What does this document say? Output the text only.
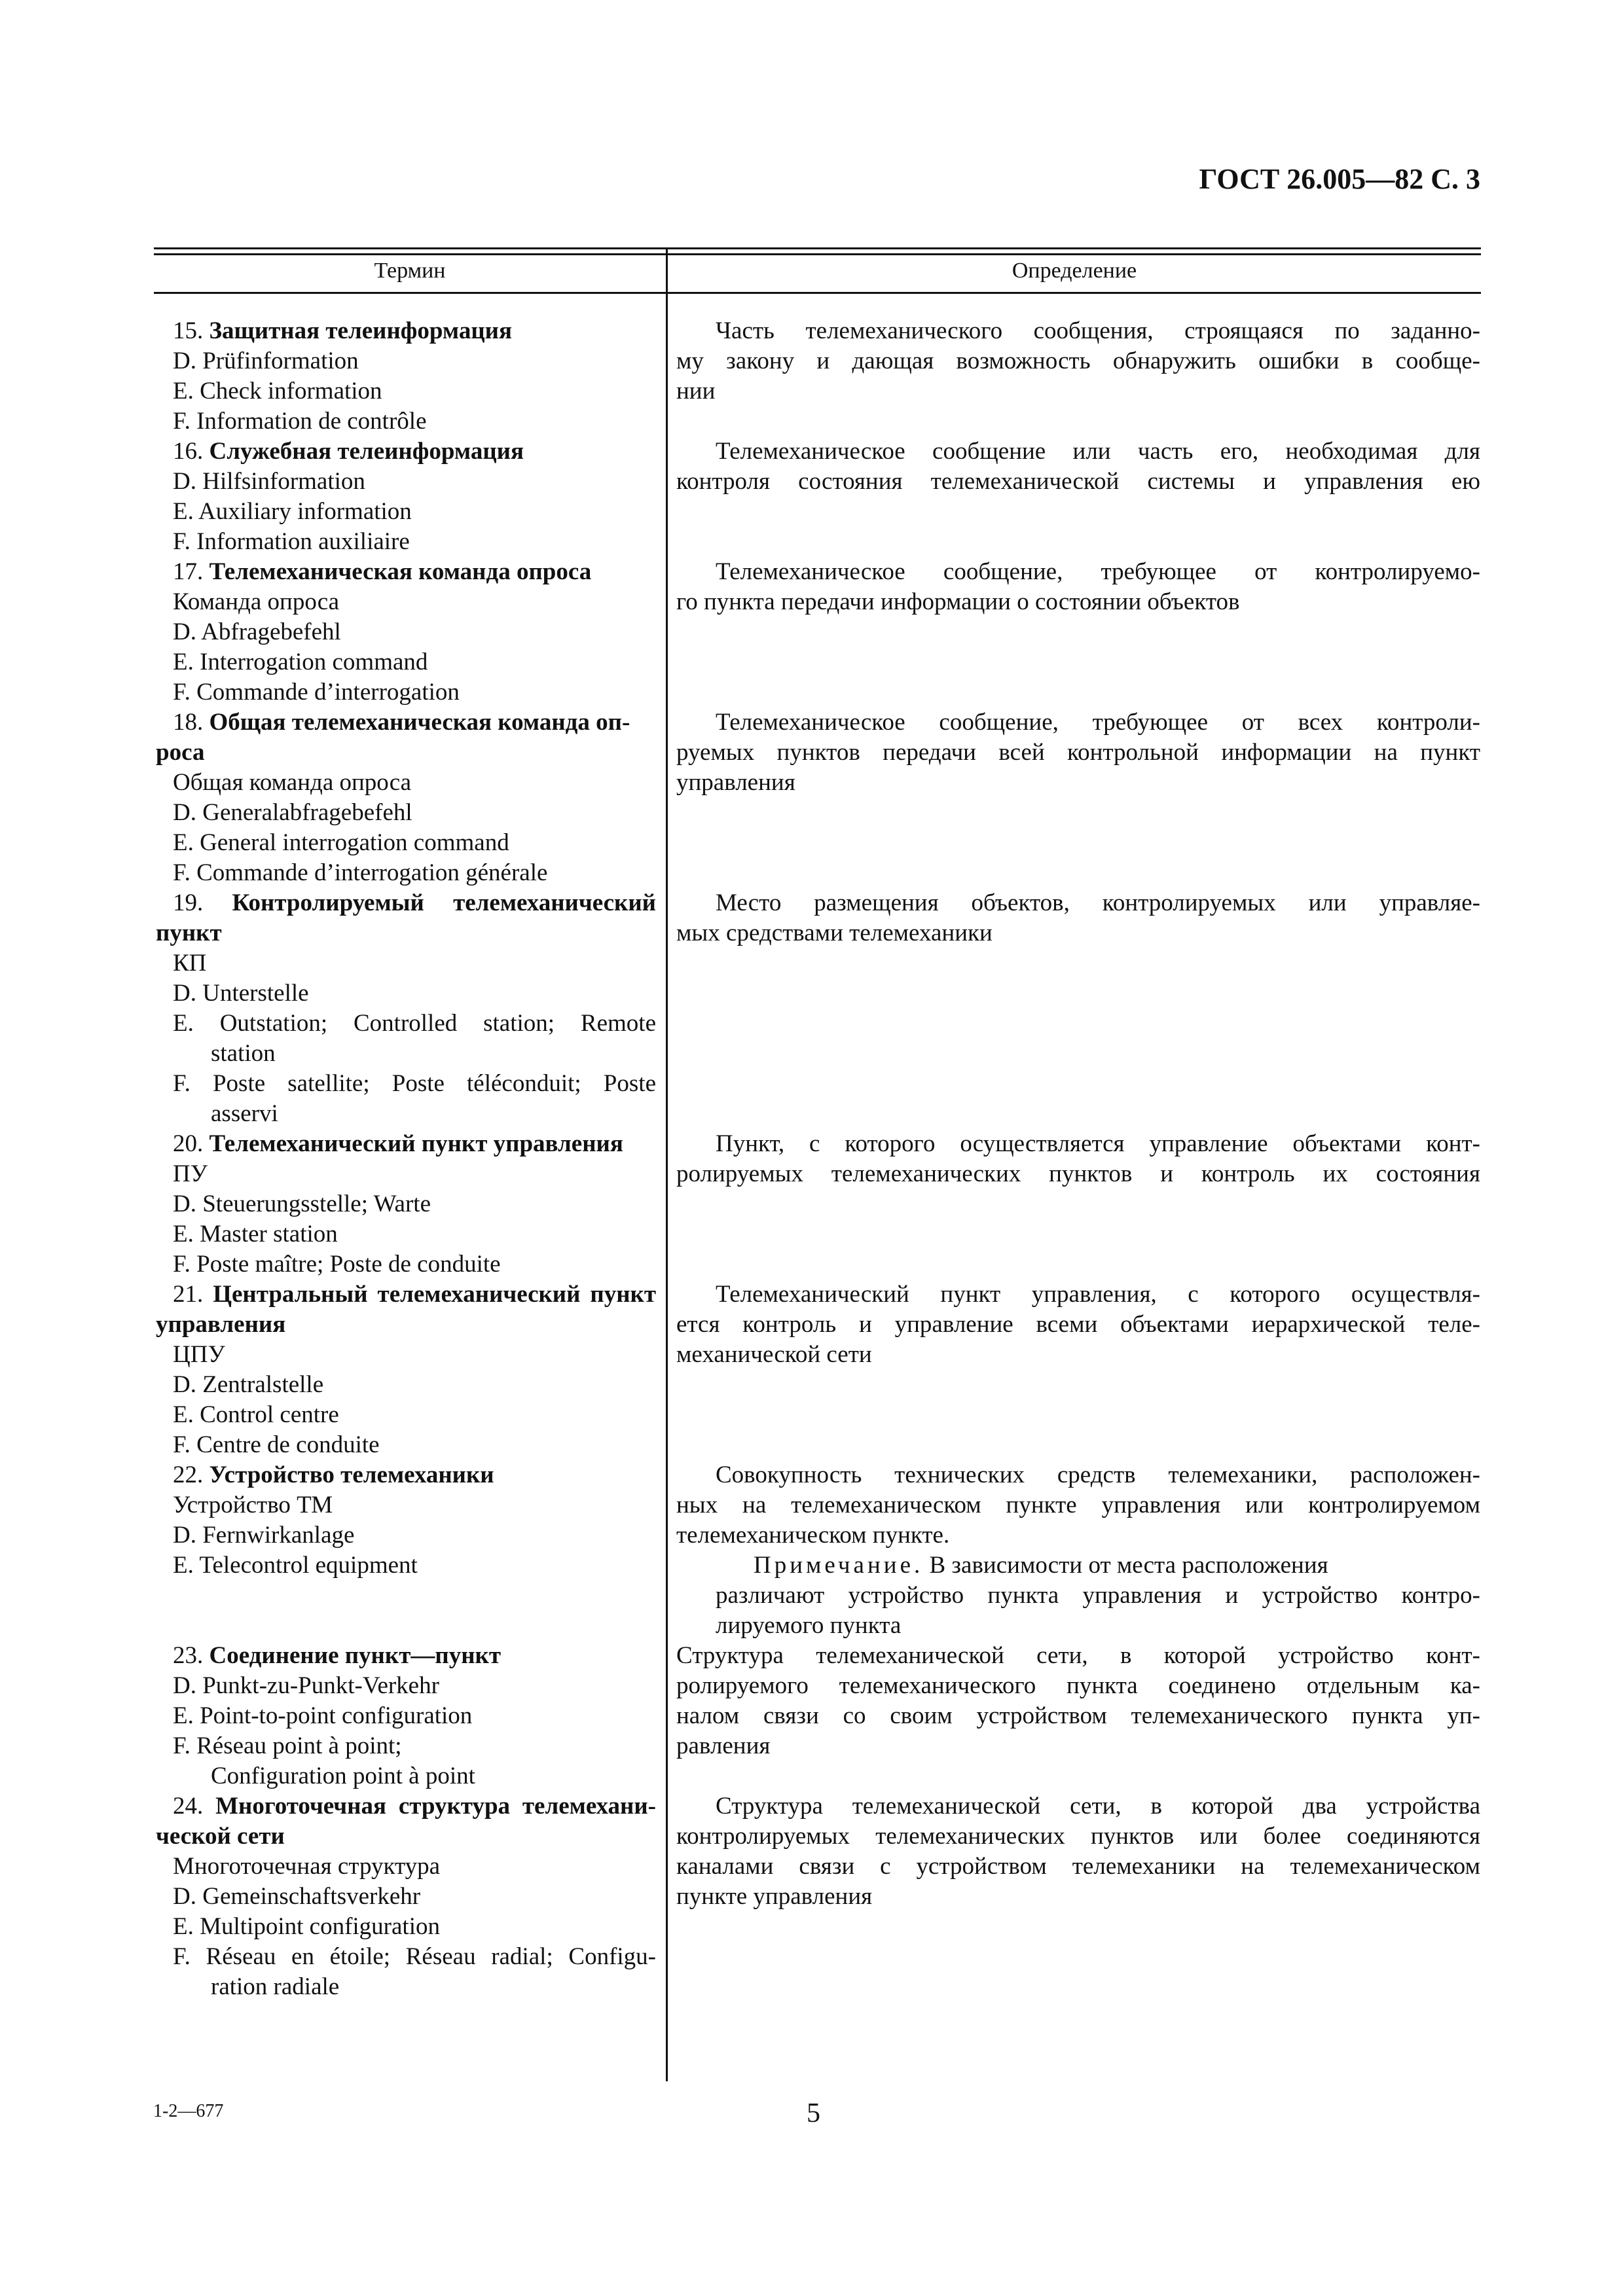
ГОСТ 26.005—82 С. 3
Термин	Определение
15. Защитная телеинформация
D. Prüfinformation
E. Check information
F. Information de contrôle
16. Служебная телеинформация
D. Hilfsinformation
E. Auxiliary information
F. Information auxiliaire
17. Телемеханическая команда опроса
Команда опроса
D. Abfragebefehl
E. Interrogation command
F. Commande d’interrogation
18. Общая телемеханическая команда оп-
роса
Общая команда опроса
D. Generalabfragebefehl
E. General interrogation command
F. Commande d’interrogation générale
19. Контролируемый телемеханический
пункт
КП
D. Unterstelle
E. Outstation; Controlled station; Remote
station
F. Poste satellite; Poste téléconduit; Poste
asservi
20. Телемеханический пункт управления
ПУ
D. Steuerungsstelle; Warte
E. Master station
F. Poste maître; Poste de conduite
21. Центральный телемеханический пункт
управления
ЦПУ
D. Zentralstelle
E. Control centre
F. Centre de conduite
22. Устройство телемеханики
Устройство ТМ
D. Fernwirkanlage
E. Telecontrol equipment
23. Соединение пункт—пункт
D. Punkt-zu-Punkt-Verkehr
E. Point-to-point configuration
F. Réseau point à point;
Configuration point à point
24. Многоточечная структура телемехани-
ческой сети
Многоточечная структура
D. Gemeinschaftsverkehr
E. Multipoint configuration
F. Réseau en étoile; Réseau radial; Configu-
ration radiale
Часть телемеханического сообщения, строящаяся по заданно-
му закону и дающая возможность обнаружить ошибки в сообще-
нии
Телемеханическое сообщение или часть его, необходимая для
контроля состояния телемеханической системы и управления ею
Телемеханическое сообщение, требующее от контролируемо-
го пункта передачи информации о состоянии объектов
Телемеханическое сообщение, требующее от всех контроли-
руемых пунктов передачи всей контрольной информации на пункт
управления
Место размещения объектов, контролируемых или управляе-
мых средствами телемеханики
Пункт, с которого осуществляется управление объектами конт-
ролируемых телемеханических пунктов и контроль их состояния
Телемеханический пункт управления, с которого осуществля-
ется контроль и управление всеми объектами иерархической теле-
механической сети
Совокупность технических средств телемеханики, расположен-
ных на телемеханическом пункте управления или контролируемом
телемеханическом пункте.
Примечание. В зависимости от места расположения
различают устройство пункта управления и устройство контро-
лируемого пункта
Структура телемеханической сети, в которой устройство конт-
ролируемого телемеханического пункта соединено отдельным ка-
налом связи со своим устройством телемеханического пункта уп-
равления
Структура телемеханической сети, в которой два устройства
контролируемых телемеханических пунктов или более соединяются
каналами связи с устройством телемеханики на телемеханическом
пункте управления
1-2—677	5
